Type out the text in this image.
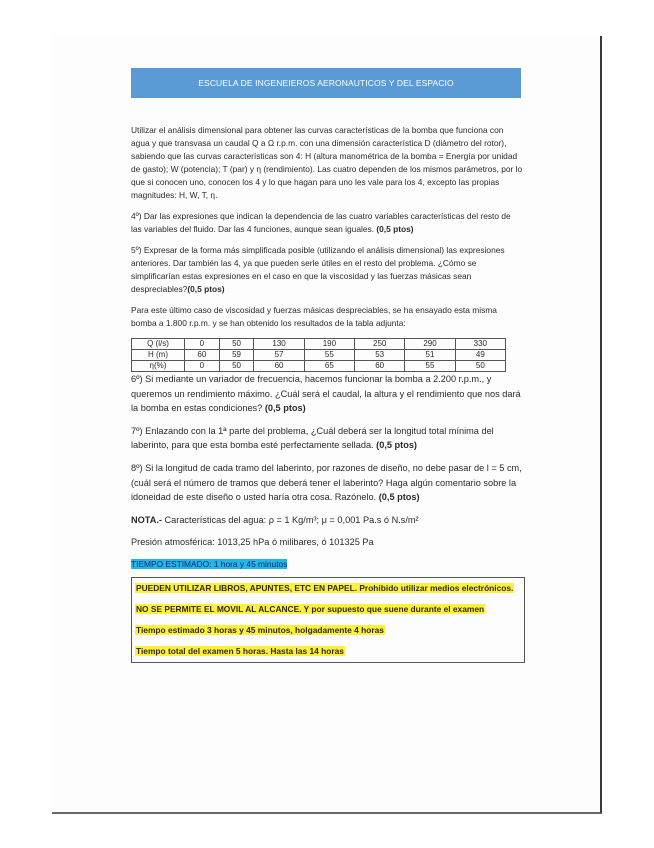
ESCUELA DE INGENEIEROS AERONAUTICOS Y DEL ESPACIO

Utilizar el análisis dimensional para obtener las curvas características de la bomba que funciona con agua y que transvasa un caudal Q a Ω r.p.m. con una dimensión característica D (diámetro del rotor), sabiendo que las curvas características son 4: H (altura manométrica de la bomba = Energía por unidad de gasto); W (potencia); T (par) y η (rendimiento). Las cuatro dependen de los mismos parámetros, por lo que si conocen uno, conocen los 4 y lo que hagan para uno les vale para los 4, excepto las propias magnitudes: H, W, T, η.

4º) Dar las expresiones que indican la dependencia de las cuatro variables características del resto de las variables del fluido. Dar las 4 funciones, aunque sean iguales. (0,5 ptos)

5º) Expresar de la forma más simplificada posible (utilizando el análisis dimensional) las expresiones anteriores. Dar también las 4, ya que pueden serle útiles en el resto del problema. ¿Cómo se simplificarían estas expresiones en el caso en que la viscosidad y las fuerzas másicas sean despreciables?(0,5 ptos)

Para este último caso de viscosidad y fuerzas másicas despreciables, se ha ensayado esta misma bomba a 1.800 r.p.m. y se han obtenido los resultados de la tabla adjunta:

Q (l/s)	0	50	130	190	250	290	330
H (m)	60	59	57	55	53	51	49
η(%)	0	50	60	65	60	55	50

6º) Si mediante un variador de frecuencia, hacemos funcionar la bomba a 2.200 r.p.m., y queremos un rendimiento máximo. ¿Cuál será el caudal, la altura y el rendimiento que nos dará la bomba en estas condiciones? (0,5 ptos)

7º) Enlazando con la 1ª parte del problema, ¿Cuál deberá ser la longitud total mínima del laberinto, para que esta bomba esté perfectamente sellada. (0,5 ptos)

8º) Si la longitud de cada tramo del laberinto, por razones de diseño, no debe pasar de l = 5 cm, (cuál será el número de tramos que deberá tener el laberinto? Haga algún comentario sobre la idoneidad de este diseño o usted haría otra cosa. Razónelo. (0,5 ptos)

NOTA.- Características del agua: ρ = 1 Kg/m³; μ = 0,001 Pa.s ó N.s/m²

Presión atmosférica: 1013,25 hPa ó milibares, ó 101325 Pa

TIEMPO ESTIMADO: 1 hora y 45 minutos

PUEDEN UTILIZAR LIBROS, APUNTES, ETC EN PAPEL. Prohibido utilizar medios electrónicos.
NO SE PERMITE EL MOVIL AL ALCANCE. Y por supuesto que suene durante el examen
Tiempo estimado 3 horas y 45 minutos, holgadamente 4 horas
Tiempo total del examen 5 horas. Hasta las 14 horas
